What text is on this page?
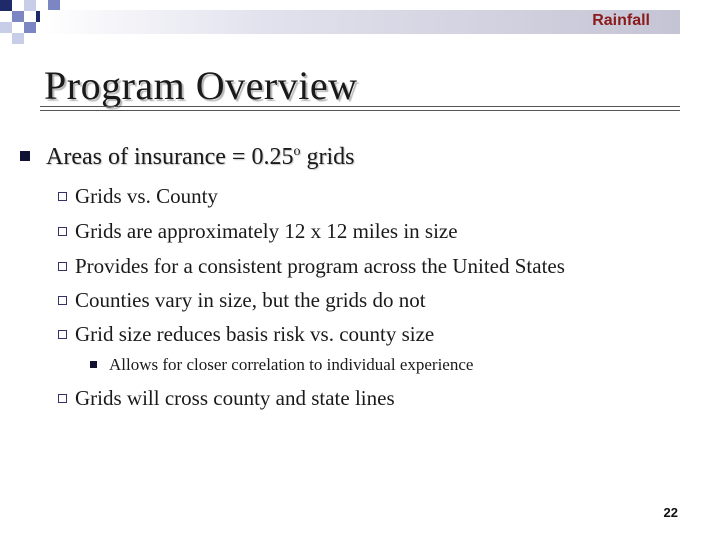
Rainfall
Program Overview
Areas of insurance = $0.25^o$ grids
Grids vs. County
Grids are approximately 12 x 12 miles in size
Provides for a consistent program across the United States
Counties vary in size, but the grids do not
Grid size reduces basis risk vs. county size
Allows for closer correlation to individual experience
Grids will cross county and state lines
22
